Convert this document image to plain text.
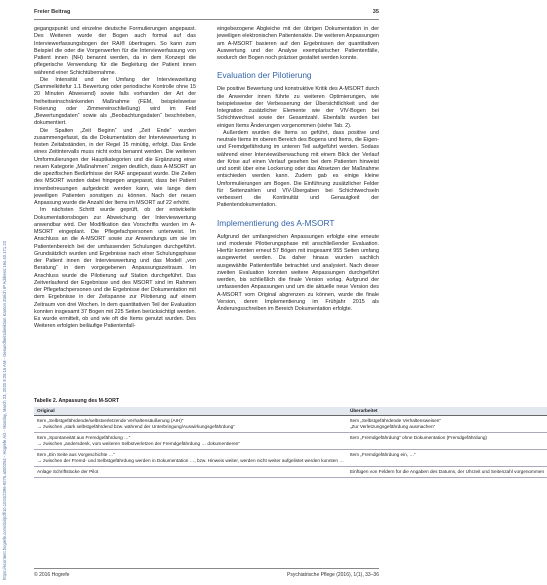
https://econtent.hogrefe.com/doi/pdf/10.1024/2296-9276.a000254 - Hogrefe AG - Monday, March 23, 2020 9:25:16 AM - Gesundheitsdirektion Kanton Zürich IP Address:194.40.171.22
Freier Beitrag	35

gegangspunkt und einzelne deutsche Formulierungen angepasst. Des Weiteren wurde der Bogen auch formal auf das Interviewerfassungsbogen der RAI® übertragen. So kann zum Beispiel die oder die Vorgenwerfen für die Interviewerfassung von Patient innen (NH) benannt werden, da in dem Konzept die pflegerische Verwendung für die Begleitung der Patient innen während einer Schichtübernahme.

Die Intensität und der Umfang der Interviewzeitung (Sammelkittefur 1.1 Bewertung oder periodische Kontrolle ohne 15 20 Minuten Abwesend) sowie falls vorhanden der Art der freiheitseinschränkenden Maßnahme (FEM, beispielsweise Fixierung oder Zimmereinschließung) wird im Feld „Bewertungsdaten“ sowie als „Beobachtungsdaten“ beschrieben, dokumentiert.

Die Spalten „Zeit Beginn“ und „Zeit Ende“ wurden zusammengefasst, da die Dokumentation der Interviewwertung in festen Zeitabständen, in der Regel 15 minütig, erfolgt. Das Ende eines Zeitintervalls muss nicht extra benannt werden. Die weiteren Umformulierungen der Hauptkategorien und die Ergänzung einer neuen Kategorie „Maßnahmen“ zeigen deutlich, dass A-MSORT an die spezifischen Bedürfnisse der RAF angepasst wurde. Die Zeilen des MSORT wurden dabei hingegen angepasst, dass bei Patient innenbetreuungen aufgedeckt werden kann, wie lange dem jeweiligen Patienten sonstigen zu können. Nach der neuen Anpassung wurde die Anzahl der Items im MSORT auf 22 erhöht.

Im nächsten Schritt wurde geprüft, ob der entwickelte Dokumentationsbogen zur Abweichung der Interviewwertung anwendbar wird. Der Modifikation des Vorschrifts wurden im A-MSORT eingeplant. Die Pflegefachpersonen unterweist. Im Anschluss an die A-MSORT sowie zur Anwendungs um sie im Patientenbereich bei der umfassenden Schulungen durchgeführt. Grundsätzlich wurden und Ergebnisse nach einer Schulungsphase der Patient innen der Interviewwertung und das Modell „von Beratung“ in dem vorgegebenen Anpassungszeitraum. Im Anschluss wurde die Pilotierung auf Station durchgeführt. Das Zeitverlaufend der Ergebnisse und des MSORT sind im Rahmen der Pflegefachpersonen und die Ergebnisse der Dokumentation mit dem Ergebnisse in der Zeitspanne zur Pilotierung auf einem Zeitraum von drei Wochen. In dem quantitativen Teil der Evaluation konnten insgesamt 37 Bogen mit 225 Seiten berücksichtigt werden. Es wurde ermittelt, ob und wie oft die Items genutzt wurden. Des Weiteren erfolgten beiläufige Patientenfall-

eingebezogene Abgleiche mit der übrigen Dokumentation in der jeweiligen elektronischen Patientenakte. Die weiteren Anpassungen am A-MSORT basieren auf den Ergebnissen der quantitativen Auswertung und der Analyse exemplarischer Patientenfälle, wodurch der Bogen noch präziser gestaltet werden konnte.

Evaluation der Pilotierung

Die positive Bewertung und konstruktive Kritik des A-MSORT durch die Anwender innen führte zu weiteren Optimierungen, wie beispielsweise der Verbesserung der Übersichtlichkeit und der Integration zusätzlicher Elemente wie der VIV-Bogen bei Schichtwechsel sowie der Gesamtzahl. Ebenfalls wurden bei einigen Items Änderungen vorgenommen (siehe Tab. 2).

Außerdem wurden die Items so geführt, dass positive und neutrale Items im oberen Bereich des Bogens und Items, die Eigen- und Fremdgefährdung im unteren Teil aufgeführt werden. Sodass während einer Interviewüberwachung mit einem Blick der Verlauf der Krise auf einen Verlauf gesehen bei dem Patienten hinweist und somit über eine Lockerung oder das Absetzen der Maßnahme entschieden werden kann. Zudem gab es einige kleine Umformulierungen am Bogen. Die Einführung zusätzlicher Felder für Seitenzahlen und VIV-Übergaben bei Schichtwechseln verbessert die Kontinuität und Genauigkeit der Patientendokumentation.

Implementierung des A-MSORT

Aufgrund der umfangreichen Anpassungen erfolgte eine erneute und moderate Pilotierungsphase mit anschließender Evaluation. Hierfür konnten erneut 57 Bögen mit insgesamt 955 Seiten umfang ausgewertet werden. Da daher hinaus wurden sachlich ausgewählte Patientenfälle betrachtet und analysiert. Nach dieser zweiten Evaluation konnten weitere Anpassungen durchgeführt werden, bis schließlich die finale Version vorlag. Aufgrund der umfassenden Anpassungen und um die aktuelle neue Version des A-MSORT vom Original abgrenzen zu können, wurde die finale Version, deren Implementierung im Frühjahr 2015 als Änderungsschreiben im Bereich Dokumentation erfolgte.

Tabelle 2. Anpassung des M-SORT
Original	Überarbeitet

Item „Selbstgefährdende/selbstverletzende Verhaltensäußerung (AIH)“
→ zwischen „stark selbstgefährdend bzw. während der Unterbringung/Auswirkungsgefährdung“	Item „Selbstgefährdende Verhaltensweisen“
„Zur Verletzungsgefährdung ausmachen“

Item „Spontaneität aus Fremdgefährdung …“
→ zwischen „andersdenk, vom weiteren Selbstverletzen der Fremdgefährdung … dokumentieren“	Item „Fremdgefährdung“ ohne Dokumentation (Fremdgefährdung)

Item „Ein Seite aus Vorgeschichte …“
→ zwischen der Fremd- und Selbstgefährdung werden in Dokumentation …, bzw. Hinweis weiter, werden nicht weiter aufgelistet werden konnten …	Item „Fremdgefährdung ein, …“

Anlage Schriftstücke der Pilot	Einfügen von Feldern für die Angaben des Datums, der Uhrzeit und Seitenzahl vorgenommen
© 2016 Hogrefe	Psychiatrische Pflege (2016), 1(1), 33–36
